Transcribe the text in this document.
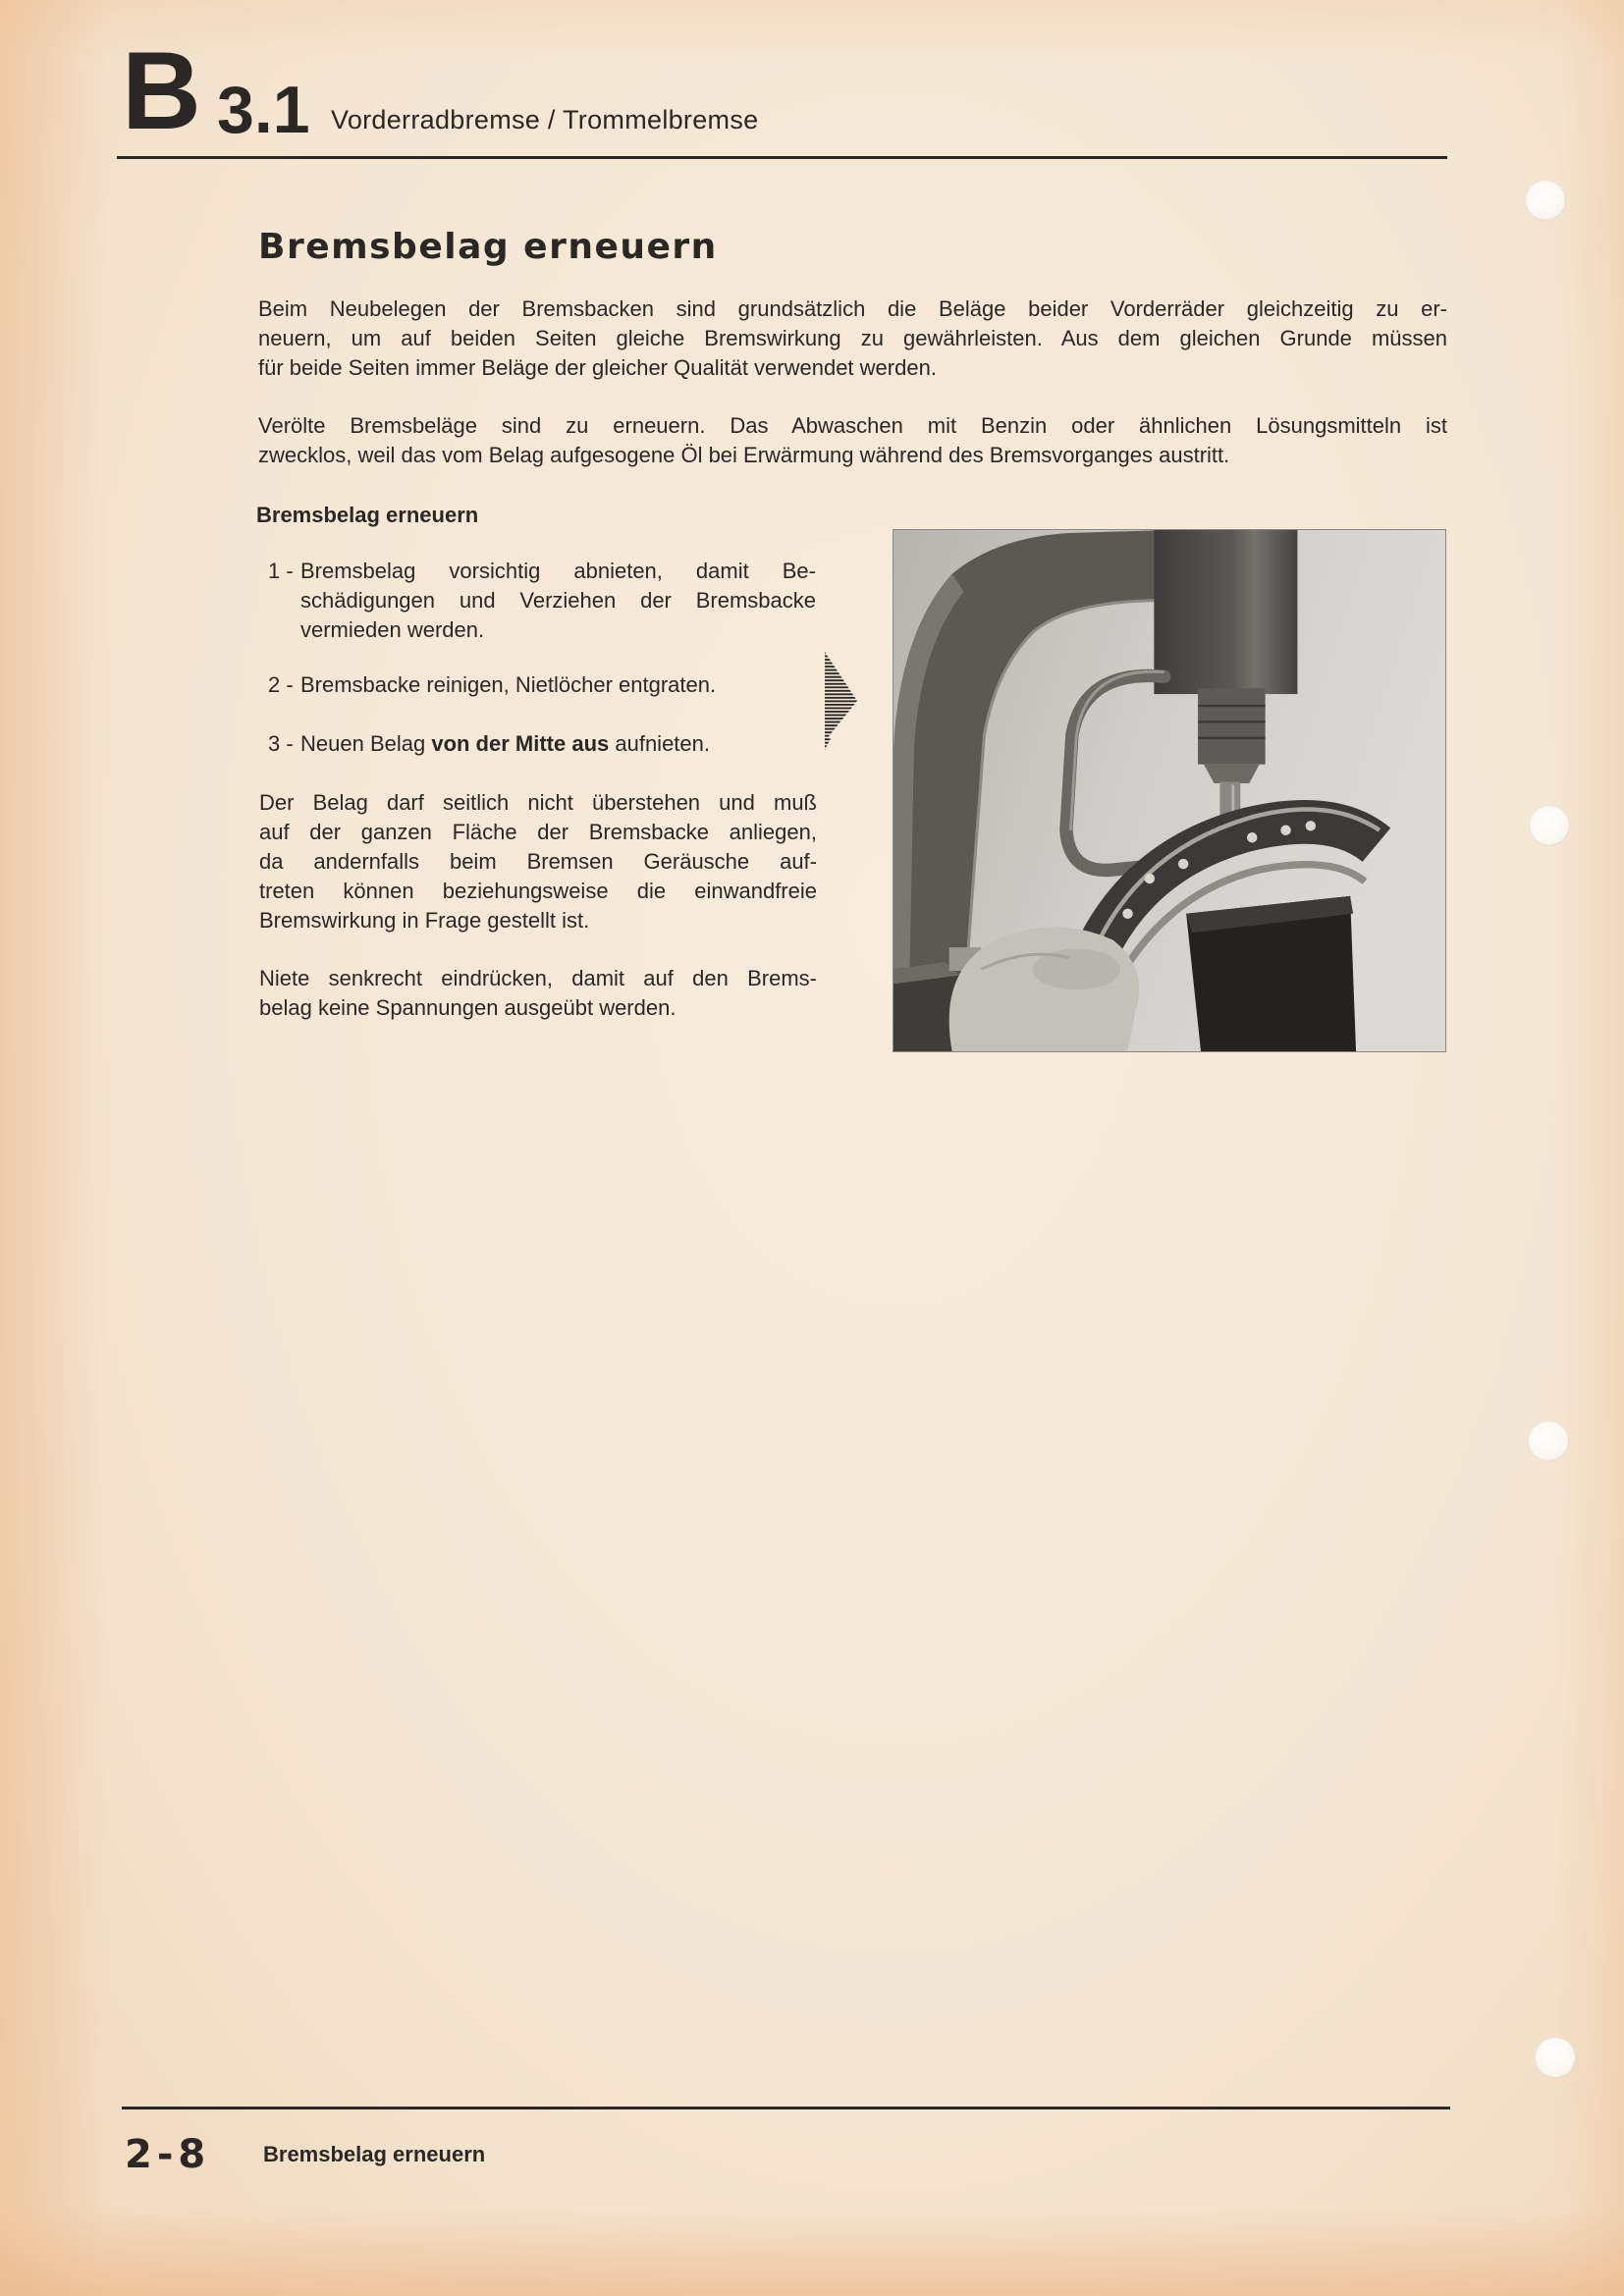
B 3.1 Vorderradbremse / Trommelbremse
Bremsbelag erneuern
Beim Neubelegen der Bremsbacken sind grundsätzlich die Beläge beider Vorderräder gleichzeitig zu er-
neuern, um auf beiden Seiten gleiche Bremswirkung zu gewährleisten. Aus dem gleichen Grunde müssen
für beide Seiten immer Beläge der gleicher Qualität verwendet werden.
Verölte Bremsbeläge sind zu erneuern. Das Abwaschen mit Benzin oder ähnlichen Lösungsmitteln ist
zwecklos, weil das vom Belag aufgesogene Öl bei Erwärmung während des Bremsvorganges austritt.
Bremsbelag erneuern
1 - Bremsbelag vorsichtig abnieten, damit Be-
schädigungen und Verziehen der Bremsbacke
vermieden werden.
2 - Bremsbacke reinigen, Nietlöcher entgraten.
3 - Neuen Belag von der Mitte aus aufnieten.
Der Belag darf seitlich nicht überstehen und muß
auf der ganzen Fläche der Bremsbacke anliegen,
da andernfalls beim Bremsen Geräusche auf-
treten können beziehungsweise die einwandfreie
Bremswirkung in Frage gestellt ist.
Niete senkrecht eindrücken, damit auf den Brems-
belag keine Spannungen ausgeübt werden.
2-8 Bremsbelag erneuern
